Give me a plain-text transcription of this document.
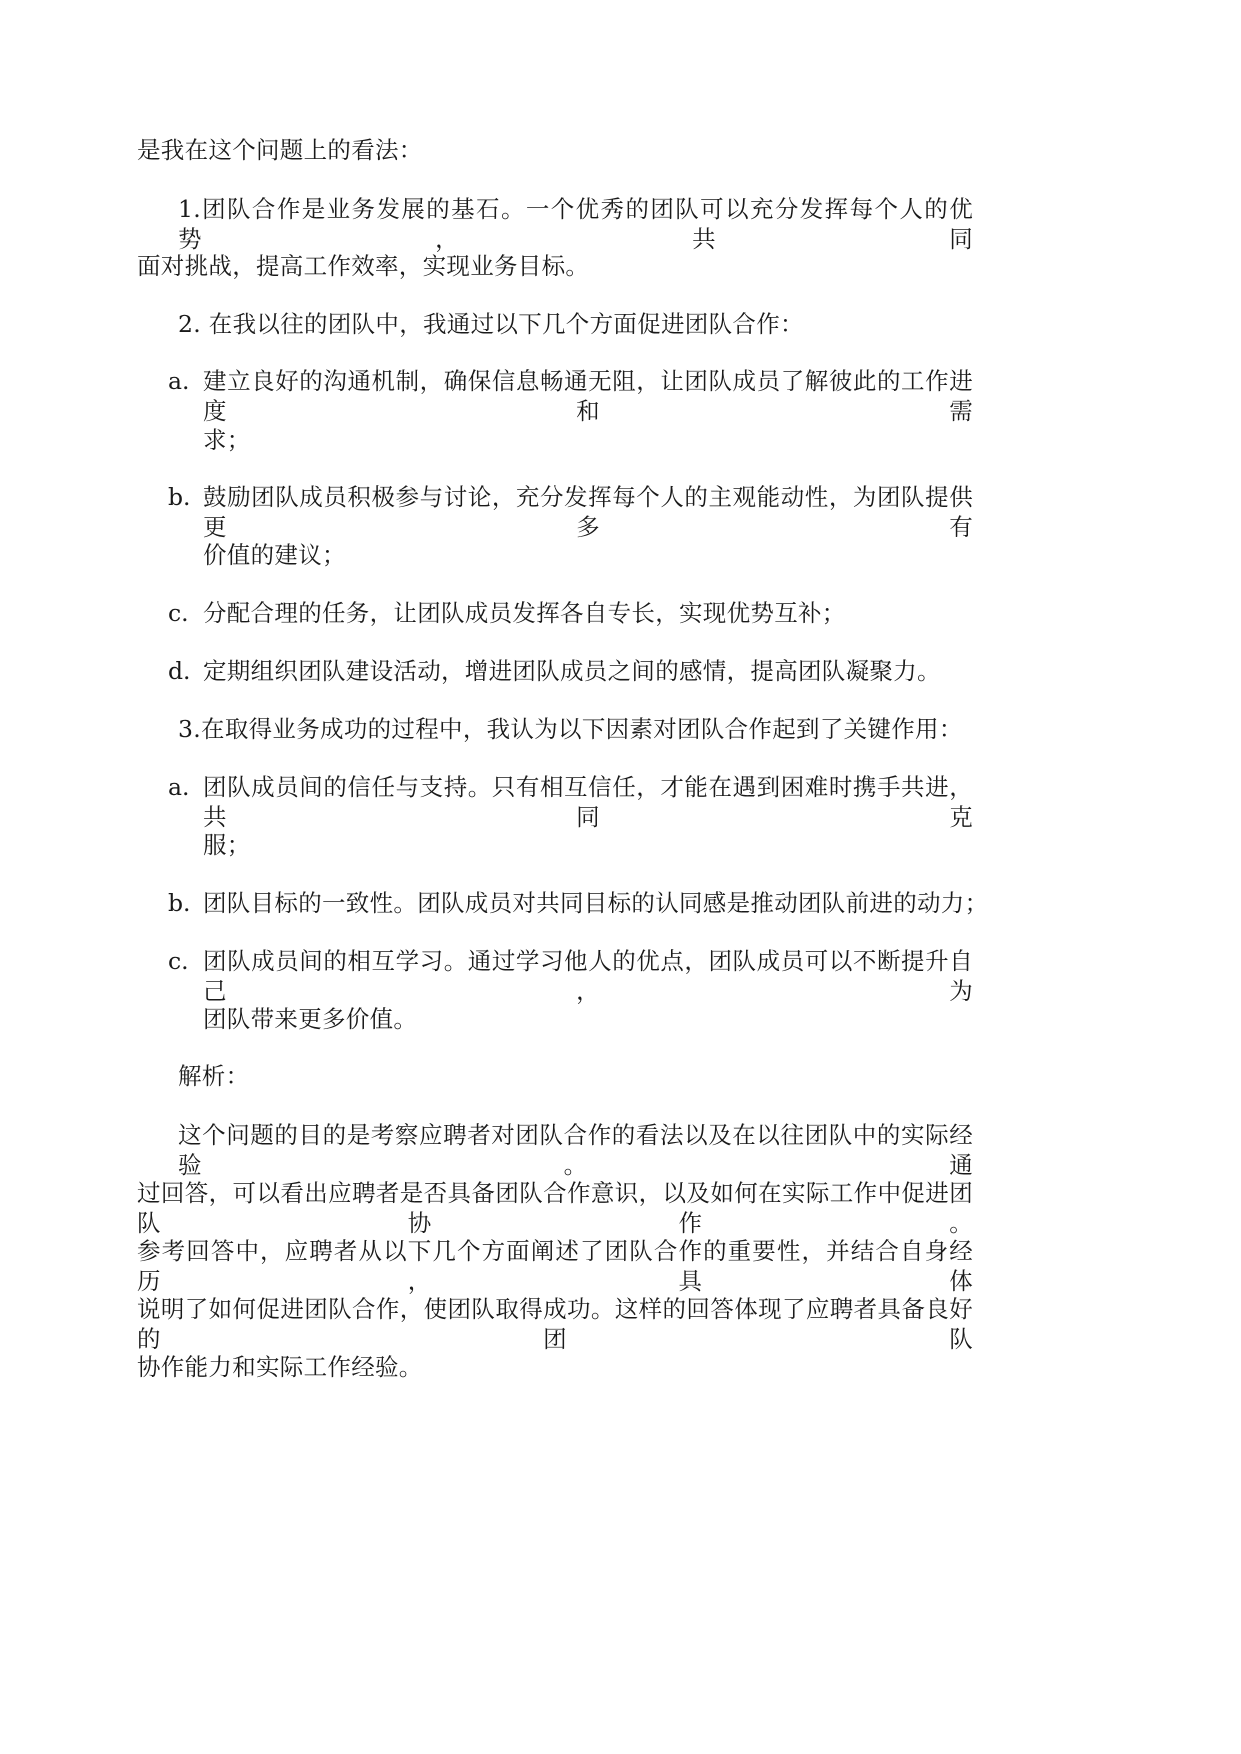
是我在这个问题上的看法：
1.团队合作是业务发展的基石。一个优秀的团队可以充分发挥每个人的优势，共同
面对挑战，提高工作效率，实现业务目标。
2. 在我以往的团队中，我通过以下几个方面促进团队合作：
a. 建立良好的沟通机制，确保信息畅通无阻，让团队成员了解彼此的工作进度和需
求；
b. 鼓励团队成员积极参与讨论，充分发挥每个人的主观能动性，为团队提供更多有
价值的建议；
c. 分配合理的任务，让团队成员发挥各自专长，实现优势互补；
d. 定期组织团队建设活动，增进团队成员之间的感情，提高团队凝聚力。
3.在取得业务成功的过程中，我认为以下因素对团队合作起到了关键作用：
a. 团队成员间的信任与支持。只有相互信任，才能在遇到困难时携手共进，共同克
服；
b. 团队目标的一致性。团队成员对共同目标的认同感是推动团队前进的动力；
c. 团队成员间的相互学习。通过学习他人的优点，团队成员可以不断提升自己，为
团队带来更多价值。
解析：
这个问题的目的是考察应聘者对团队合作的看法以及在以往团队中的实际经验。通
过回答，可以看出应聘者是否具备团队合作意识，以及如何在实际工作中促进团队协作。
参考回答中，应聘者从以下几个方面阐述了团队合作的重要性，并结合自身经历，具体
说明了如何促进团队合作，使团队取得成功。这样的回答体现了应聘者具备良好的团队
协作能力和实际工作经验。
